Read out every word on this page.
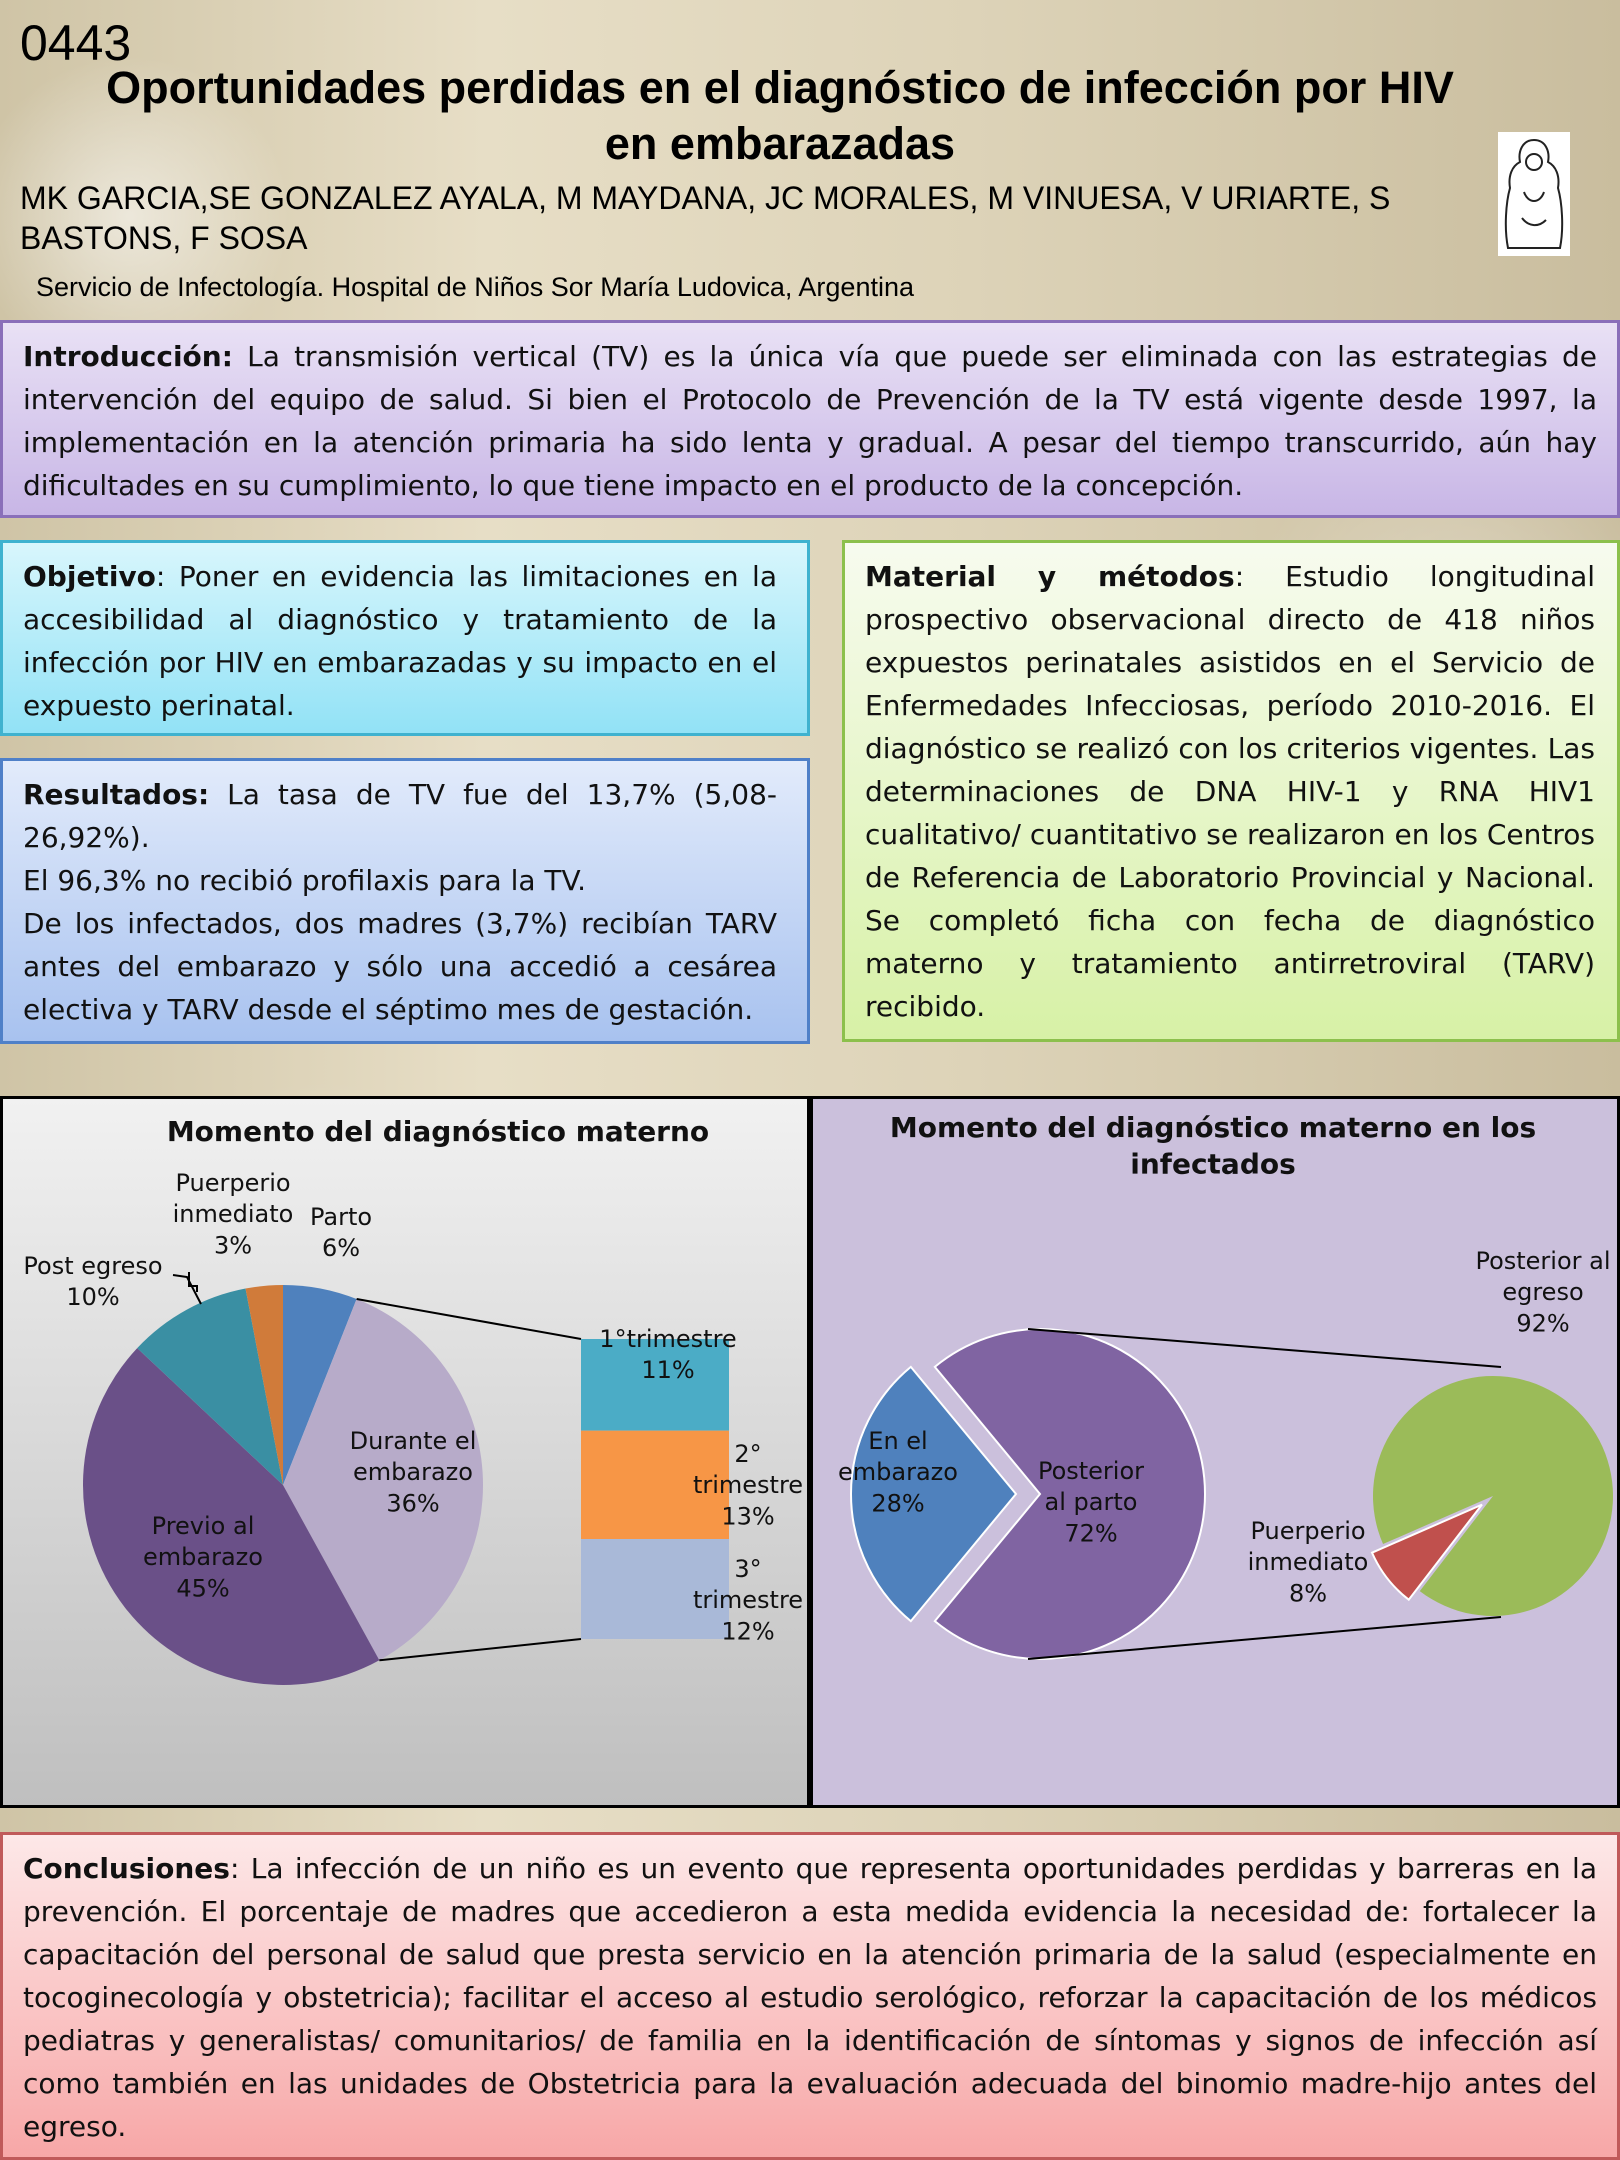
0443
Oportunidades perdidas en el diagnóstico de infección por HIV
en embarazadas
MK GARCIA,SE GONZALEZ AYALA, M MAYDANA, JC MORALES, M VINUESA, V URIARTE, S
BASTONS, F SOSA
Servicio de Infectología. Hospital de Niños Sor María Ludovica, Argentina
Introducción: La transmisión vertical (TV) es la única vía que puede ser eliminada con las estrategias de intervención del equipo de salud. Si bien el Protocolo de Prevención de la TV está vigente desde 1997, la implementación en la atención primaria ha sido lenta y gradual. A pesar del tiempo transcurrido, aún hay dificultades en su cumplimiento, lo que tiene impacto en el producto de la concepción.
Objetivo: Poner en evidencia las limitaciones en la accesibilidad al diagnóstico y tratamiento de la infección por HIV en embarazadas y su impacto en el expuesto perinatal.
Resultados: La tasa de TV fue del 13,7% (5,08-26,92%).
El 96,3% no recibió profilaxis para la TV.
De los infectados, dos madres (3,7%) recibían TARV antes del embarazo y sólo una accedió a cesárea electiva y TARV desde el séptimo mes de gestación.
Material y métodos: Estudio longitudinal prospectivo observacional directo de 418 niños expuestos perinatales asistidos en el Servicio de Enfermedades Infecciosas, período 2010-2016. El diagnóstico se realizó con los criterios vigentes. Las determinaciones de DNA HIV-1 y RNA HIV1 cualitativo/ cuantitativo se realizaron en los Centros de Referencia de Laboratorio Provincial y Nacional. Se completó ficha con fecha de diagnóstico materno y tratamiento antirretroviral (TARV) recibido.
Momento del diagnóstico materno
Parto 6%
Durante el embarazo 36%
Previo al embarazo 45%
Post egreso 10%
Puerperio inmediato 3%
1°trimestre 11%
2° trimestre 13%
3° trimestre 12%
Momento del diagnóstico materno en los infectados
En el embarazo 28%
Posterior al parto 72%
Posterior al egreso 92%
Puerperio inmediato 8%
Conclusiones: La infección de un niño es un evento que representa oportunidades perdidas y barreras en la prevención. El porcentaje de madres que accedieron a esta medida evidencia la necesidad de: fortalecer la capacitación del personal de salud que presta servicio en la atención primaria de la salud (especialmente en tocoginecología y obstetricia); facilitar el acceso al estudio serológico, reforzar la capacitación de los médicos pediatras y generalistas/ comunitarios/ de familia en la identificación de síntomas y signos de infección así como también en las unidades de Obstetricia para la evaluación adecuada del binomio madre-hijo antes del egreso.
